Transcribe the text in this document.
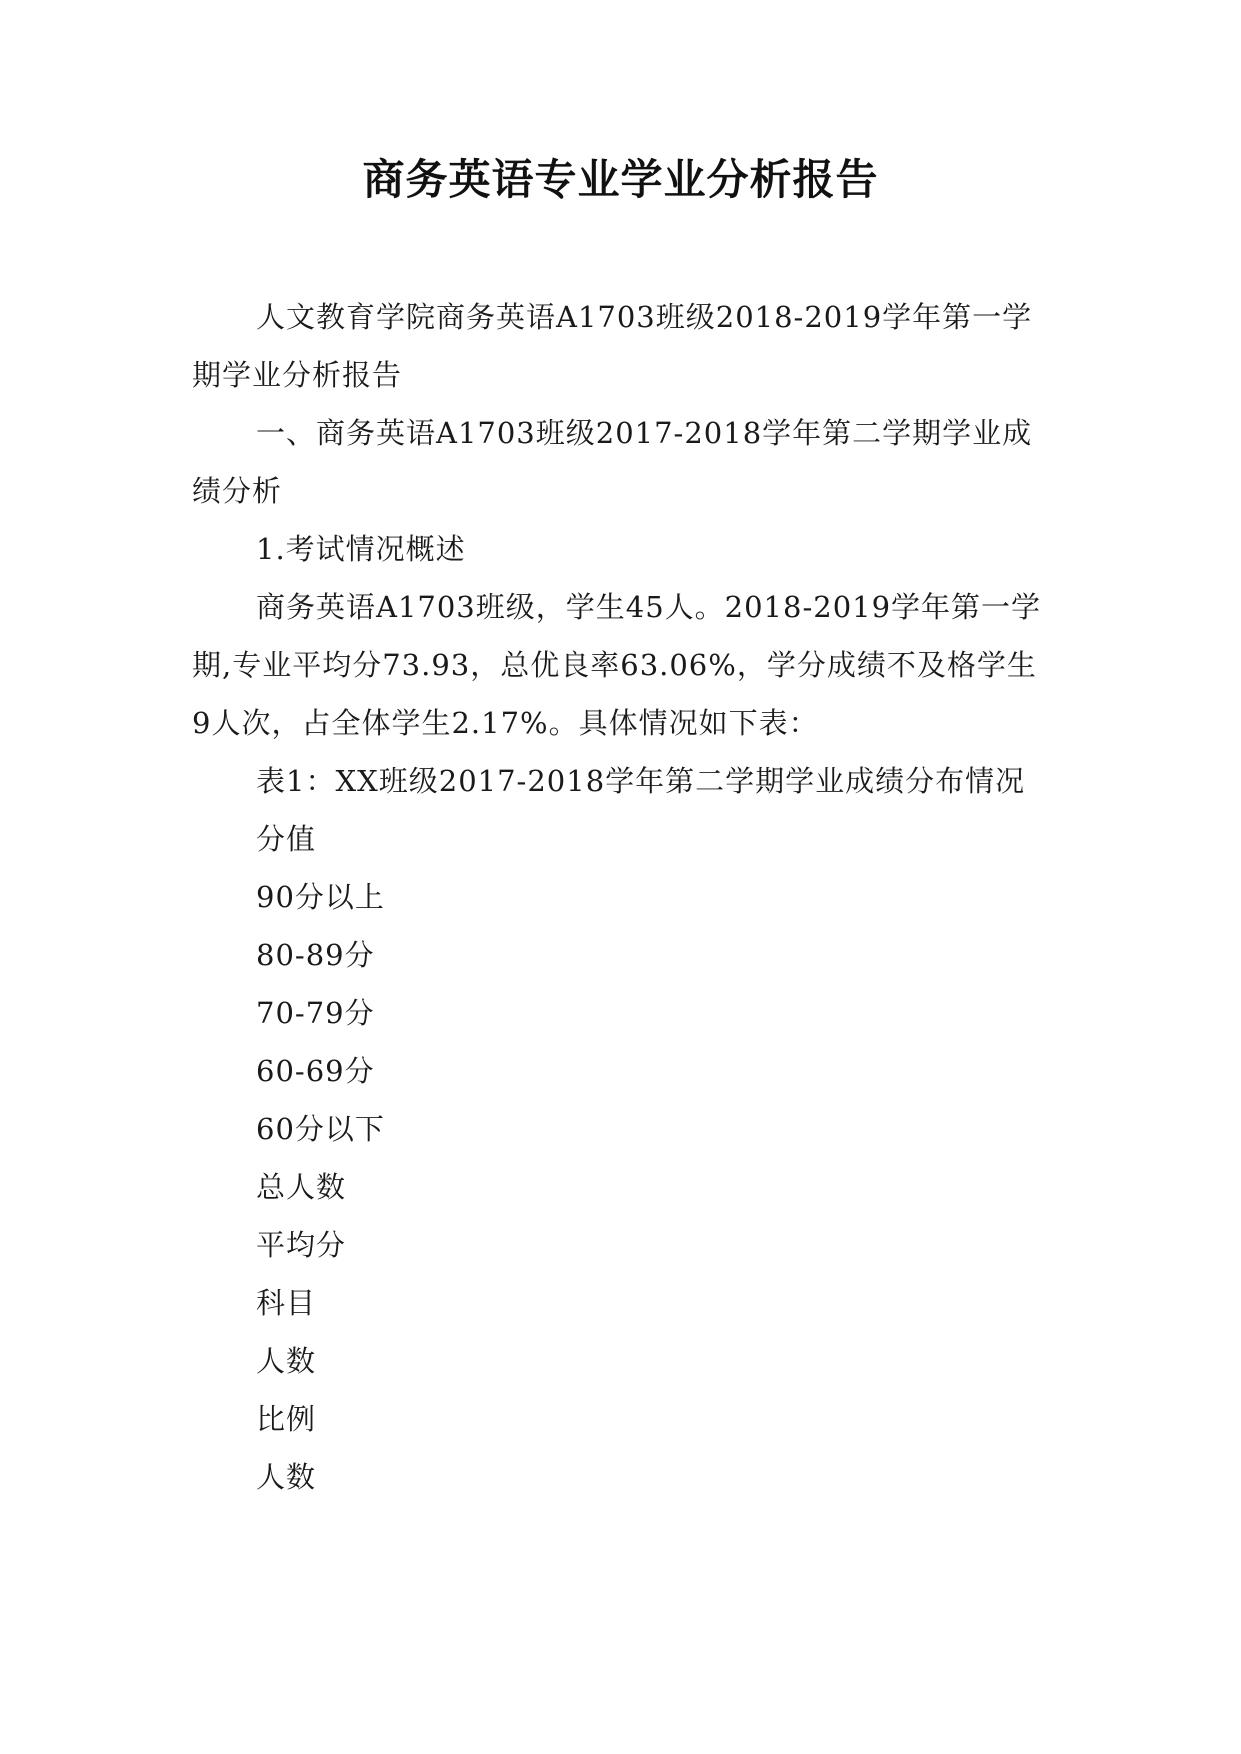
商务英语专业学业分析报告

人文教育学院商务英语A1703班级2018-2019学年第一学期学业分析报告

一、商务英语A1703班级2017-2018学年第二学期学业成绩分析

1.考试情况概述

商务英语A1703班级，学生45人。2018-2019学年第一学期,专业平均分73.93，总优良率63.06%，学分成绩不及格学生9人次，占全体学生2.17%。具体情况如下表：

表1：XX班级2017-2018学年第二学期学业成绩分布情况

分值
90分以上
80-89分
70-79分
60-69分
60分以下
总人数
平均分
科目
人数
比例
人数
